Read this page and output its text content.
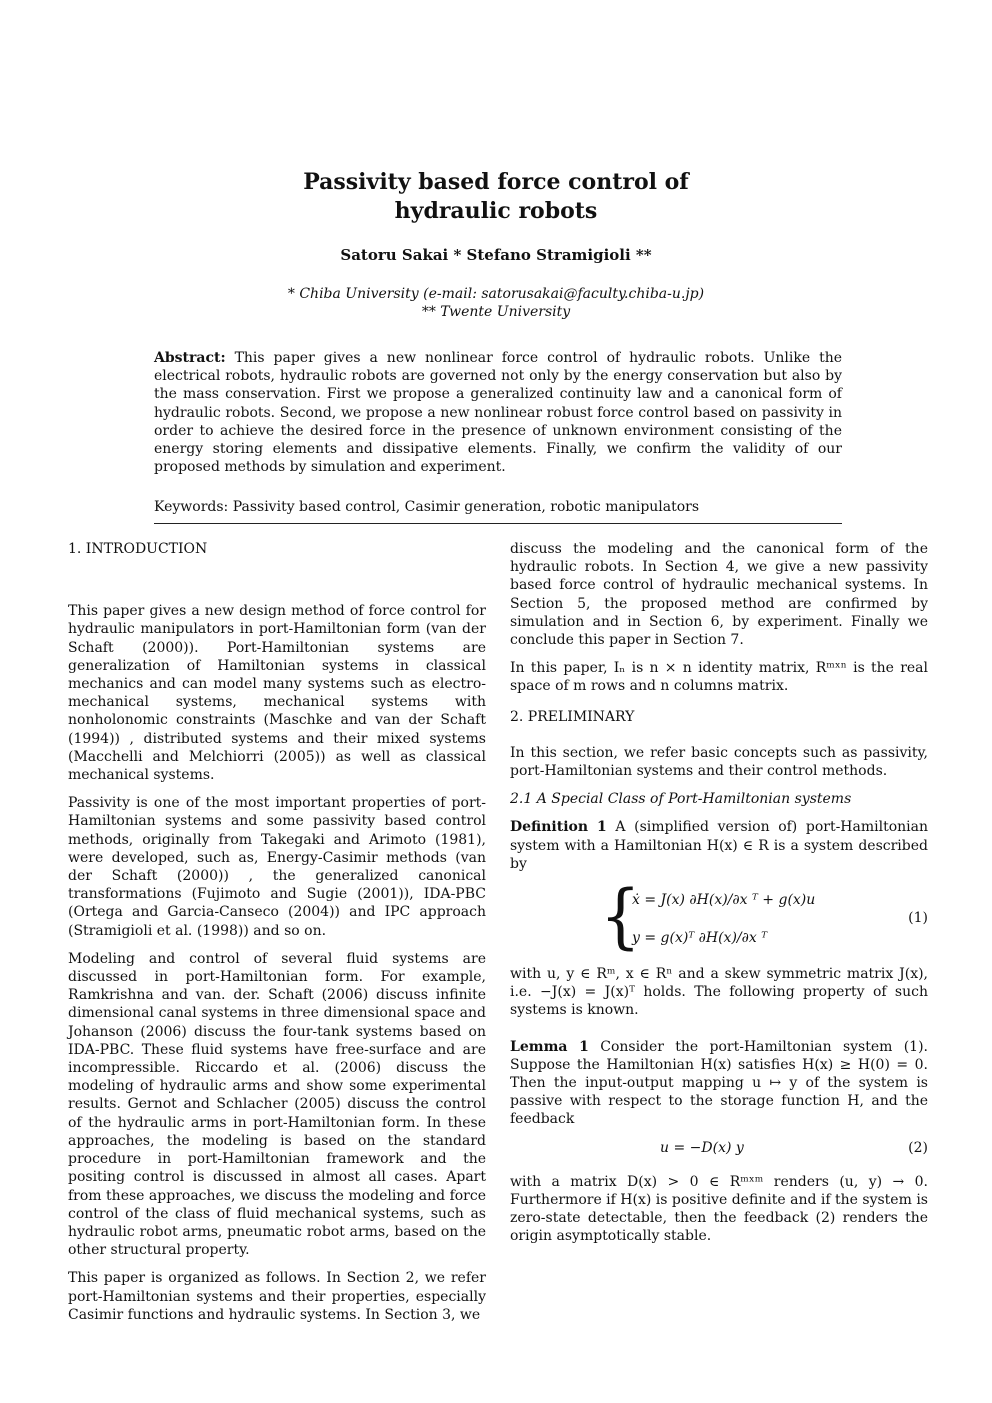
Passivity based force control of
hydraulic robots
Satoru Sakai * Stefano Stramigioli **
* Chiba University (e-mail: satorusakai@faculty.chiba-u.jp)
** Twente University
Abstract: This paper gives a new nonlinear force control of hydraulic robots. Unlike the electrical robots, hydraulic robots are governed not only by the energy conservation but also by the mass conservation. First we propose a generalized continuity law and a canonical form of hydraulic robots. Second, we propose a new nonlinear robust force control based on passivity in order to achieve the desired force in the presence of unknown environment consisting of the energy storing elements and dissipative elements. Finally, we confirm the validity of our proposed methods by simulation and experiment.
Keywords: Passivity based control, Casimir generation, robotic manipulators

1. INTRODUCTION

This paper gives a new design method of force control for hydraulic manipulators in port-Hamiltonian form (van der Schaft (2000)). Port-Hamiltonian systems are generalization of Hamiltonian systems in classical mechanics and can model many systems such as electro-mechanical systems, mechanical systems with nonholonomic constraints (Maschke and van der Schaft (1994)) , distributed systems and their mixed systems (Macchelli and Melchiorri (2005)) as well as classical mechanical systems.

Passivity is one of the most important properties of port-Hamiltonian systems and some passivity based control methods, originally from Takegaki and Arimoto (1981), were developed, such as, Energy-Casimir methods (van der Schaft (2000)) , the generalized canonical transformations (Fujimoto and Sugie (2001)), IDA-PBC (Ortega and Garcia-Canseco (2004)) and IPC approach (Stramigioli et al. (1998)) and so on.

Modeling and control of several fluid systems are discussed in port-Hamiltonian form. For example, Ramkrishna and van. der. Schaft (2006) discuss infinite dimensional canal systems in three dimensional space and Johanson (2006) discuss the four-tank systems based on IDA-PBC. These fluid systems have free-surface and are incompressible. Riccardo et al. (2006) discuss the modeling of hydraulic arms and show some experimental results. Gernot and Schlacher (2005) discuss the control of the hydraulic arms in port-Hamiltonian form. In these approaches, the modeling is based on the standard procedure in port-Hamiltonian framework and the positing control is discussed in almost all cases. Apart from these approaches, we discuss the modeling and force control of the class of fluid mechanical systems, such as hydraulic robot arms, pneumatic robot arms, based on the other structural property.

This paper is organized as follows. In Section 2, we refer port-Hamiltonian systems and their properties, especially Casimir functions and hydraulic systems. In Section 3, we

discuss the modeling and the canonical form of the hydraulic robots. In Section 4, we give a new passivity based force control of hydraulic mechanical systems. In Section 5, the proposed method are confirmed by simulation and in Section 6, by experiment. Finally we conclude this paper in Section 7.

In this paper, Iₙ is n × n identity matrix, Rᵐˣⁿ is the real space of m rows and n columns matrix.

2. PRELIMINARY

In this section, we refer basic concepts such as passivity, port-Hamiltonian systems and their control methods.

2.1 A Special Class of Port-Hamiltonian systems

Definition 1 A (simplified version of) port-Hamiltonian system with a Hamiltonian H(x) ∈ R is a system described by

{
ẋ = J(x) ∂H(x)/∂x ᵀ + g(x)u
y = g(x)ᵀ ∂H(x)/∂x ᵀ
(1)

with u, y ∈ Rᵐ, x ∈ Rⁿ and a skew symmetric matrix J(x), i.e. −J(x) = J(x)ᵀ holds. The following property of such systems is known.

Lemma 1 Consider the port-Hamiltonian system (1). Suppose the Hamiltonian H(x) satisfies H(x) ≥ H(0) = 0. Then the input-output mapping u ↦ y of the system is passive with respect to the storage function H, and the feedback

u = −D(x) y	(2)

with a matrix D(x) > 0 ∈ Rᵐˣᵐ renders (u, y) → 0. Furthermore if H(x) is positive definite and if the system is zero-state detectable, then the feedback (2) renders the origin asymptotically stable.
